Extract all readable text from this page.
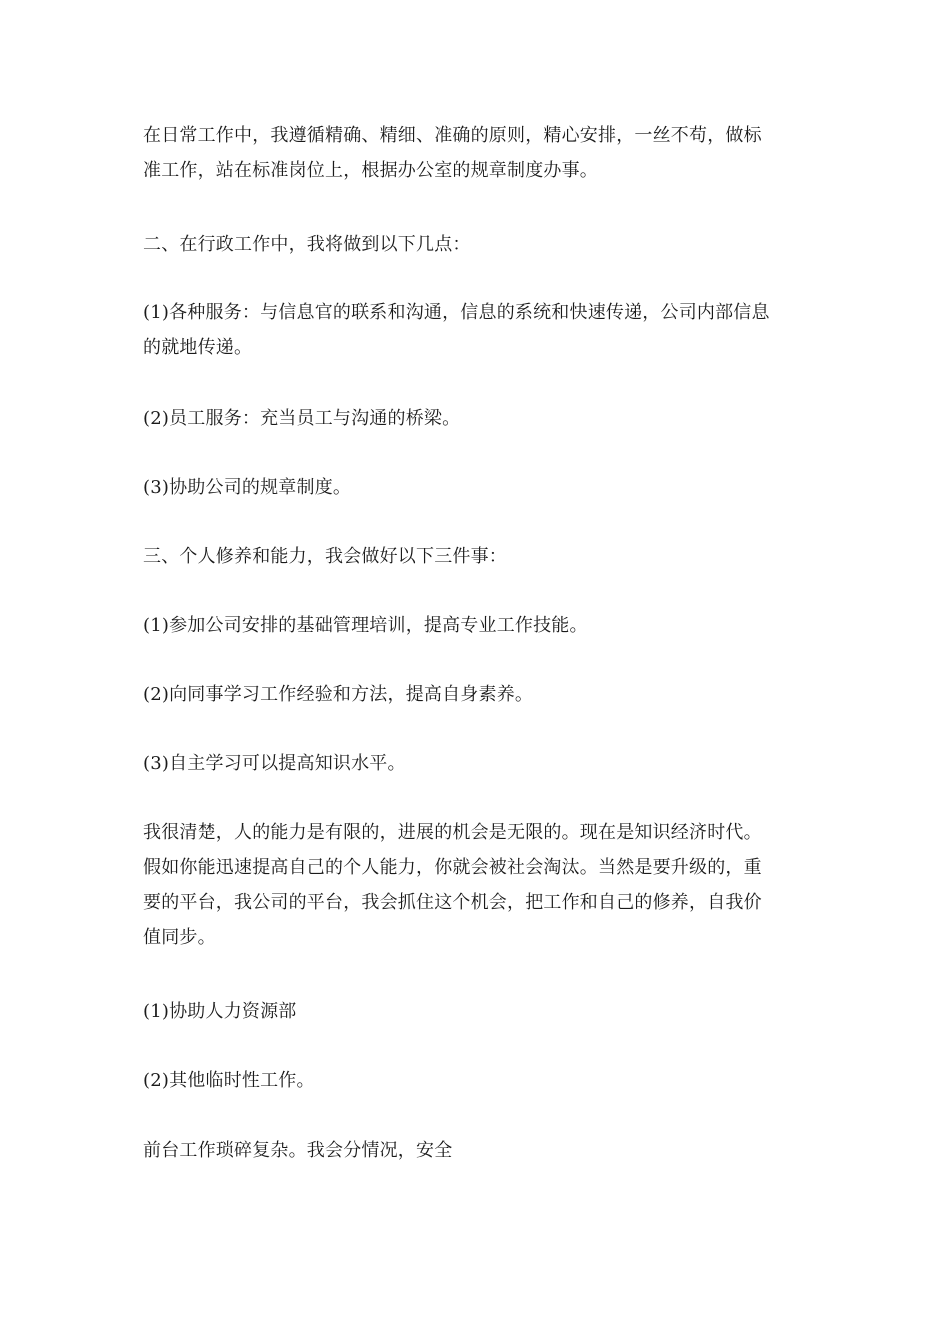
在日常工作中，我遵循精确、精细、准确的原则，精心安排，一丝不苟，做标
准工作，站在标准岗位上，根据办公室的规章制度办事。

二、在行政工作中，我将做到以下几点：

(1)各种服务：与信息官的联系和沟通，信息的系统和快速传递，公司内部信息
的就地传递。

(2)员工服务：充当员工与沟通的桥梁。

(3)协助公司的规章制度。

三、个人修养和能力，我会做好以下三件事：

(1)参加公司安排的基础管理培训，提高专业工作技能。

(2)向同事学习工作经验和方法，提高自身素养。

(3)自主学习可以提高知识水平。

我很清楚，人的能力是有限的，进展的机会是无限的。现在是知识经济时代。
假如你能迅速提高自己的个人能力，你就会被社会淘汰。当然是要升级的，重
要的平台，我公司的平台，我会抓住这个机会，把工作和自己的修养，自我价
值同步。

(1)协助人力资源部

(2)其他临时性工作。

前台工作琐碎复杂。我会分情况，安全
